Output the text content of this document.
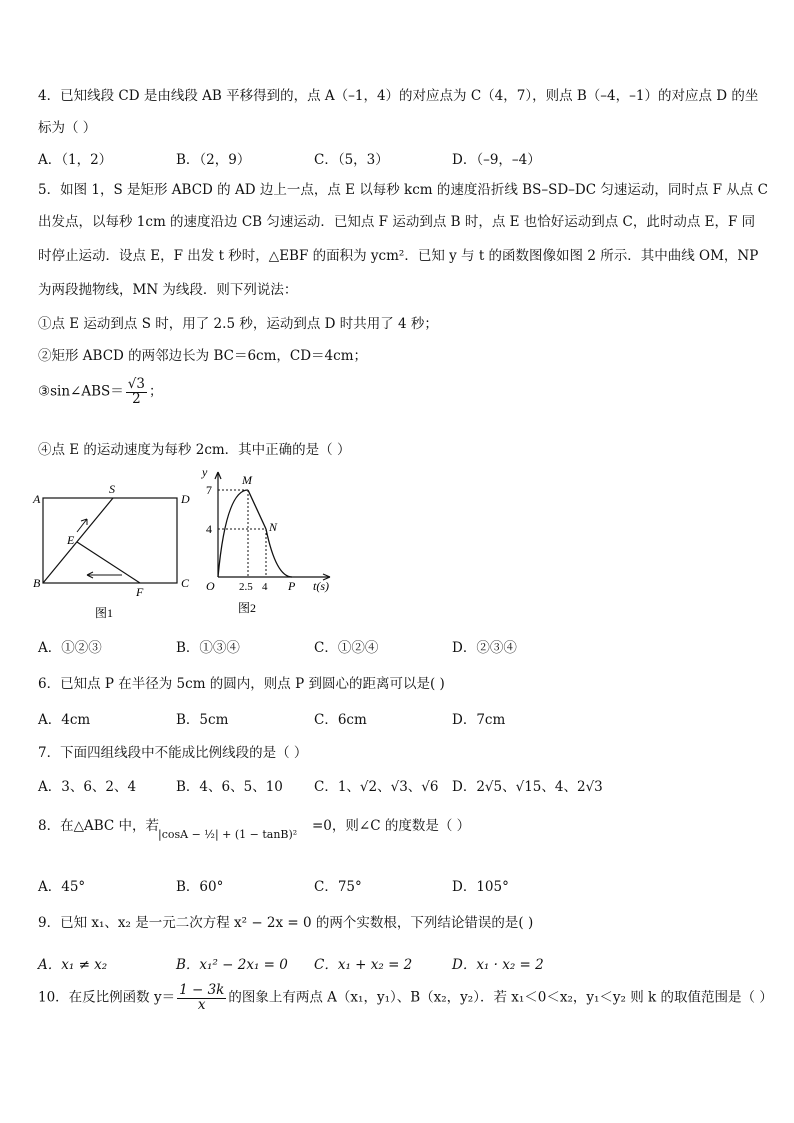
4．已知线段 CD 是由线段 AB 平移得到的，点 A（–1，4）的对应点为 C（4，7），则点 B（–4，–1）的对应点 D 的坐
标为（ ）
A．（1，2）	B．（2，9）	C．（5，3）	D．（–9，–4）
5．如图 1，S 是矩形 ABCD 的 AD 边上一点，点 E 以每秒 kcm 的速度沿折线 BS–SD–DC 匀速运动，同时点 F 从点 C
出发点，以每秒 1cm 的速度沿边 CB 匀速运动．已知点 F 运动到点 B 时，点 E 也恰好运动到点 C，此时动点 E，F 同
时停止运动．设点 E，F 出发 t 秒时，△EBF 的面积为 ycm²．已知 y 与 t 的函数图像如图 2 所示．其中曲线 OM，NP
为两段抛物线，MN 为线段．则下列说法：
①点 E 运动到点 S 时，用了 2.5 秒，运动到点 D 时共用了 4 秒；
②矩形 ABCD 的两邻边长为 BC＝6cm，CD＝4cm；
③sin∠ABS＝ $\frac{√3}{2}$ ；
④点 E 的运动速度为每秒 2cm．其中正确的是（ ）
A
S
D
E
B
F
C
图1
y
7
4
M
N
O 2.5 4 P t(s)
图2
A．①②③	B．①③④	C．①②④	D．②③④
6．已知点 P 在半径为 5cm 的圆内，则点 P 到圆心的距离可以是( )
A．4cm	B．5cm	C．6cm	D．7cm
7．下面四组线段中不能成比例线段的是（ ）
A．3、6、2、4	B．4、6、5、10 C．1、√2、√3、√6 D．2√5、√15、4、2√3
8．在△ABC 中，若
|cosA − ½| + (1 − tanB)²
=0，则∠C 的度数是（ ）
A．45°	B．60°	C．75°	D．105°
9．已知 x₁、x₂ 是一元二次方程 x² − 2x = 0 的两个实数根，下列结论错误的是( )
A．x₁ ≠ x₂	B．x₁² − 2x₁ = 0 C．x₁ + x₂ = 2	D．x₁ · x₂ = 2
10．在反比例函数 $y= \frac{1 - 3k}{x}$ 的图象上有两点 A（x₁，y₁）、B（x₂，y₂）．若 x₁＜0＜x₂，y₁＜y₂ 则 k 的取值范围是（ ）
